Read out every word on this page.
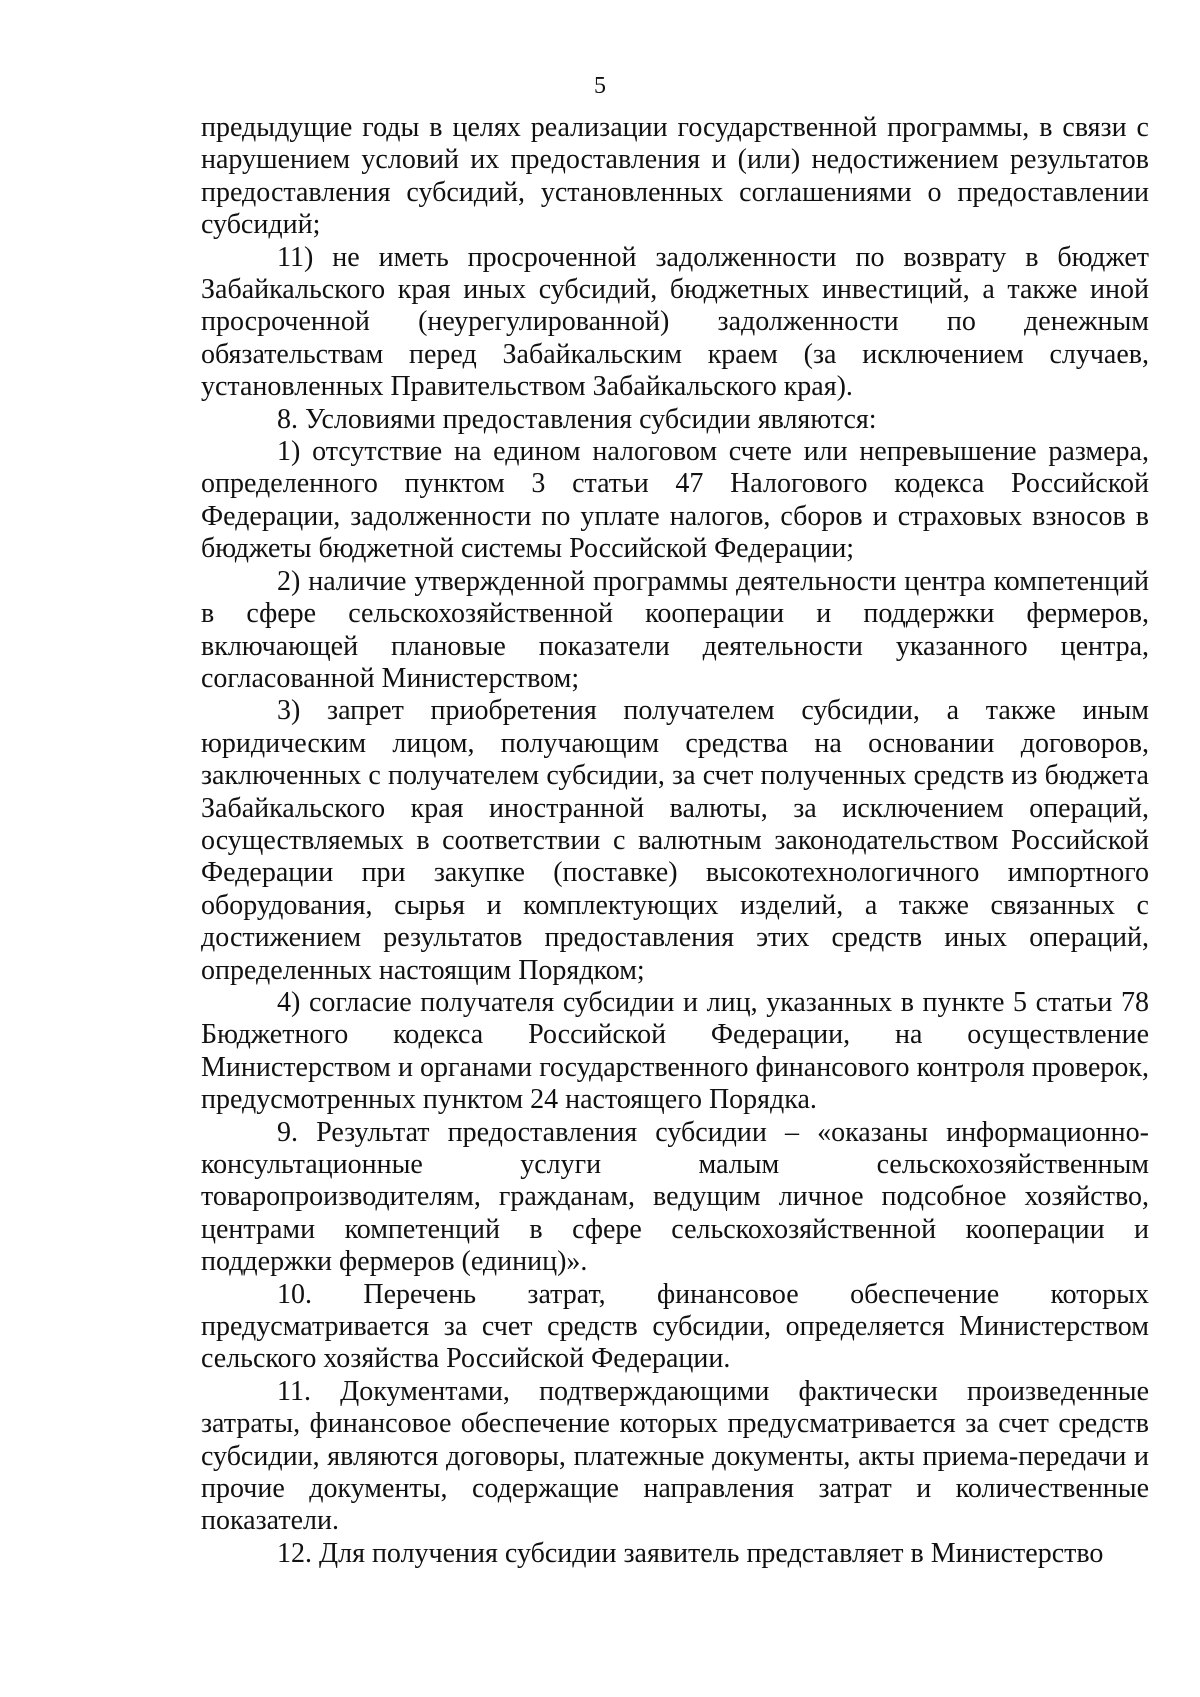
5

предыдущие годы в целях реализации государственной программы, в связи с нарушением условий их предоставления и (или) недостижением результатов предоставления субсидий, установленных соглашениями о предоставлении субсидий;

11) не иметь просроченной задолженности по возврату в бюджет Забайкальского края иных субсидий, бюджетных инвестиций, а также иной просроченной (неурегулированной) задолженности по денежным обязательствам перед Забайкальским краем (за исключением случаев, установленных Правительством Забайкальского края).

8. Условиями предоставления субсидии являются:

1) отсутствие на едином налоговом счете или непревышение размера, определенного пунктом 3 статьи 47 Налогового кодекса Российской Федерации, задолженности по уплате налогов, сборов и страховых взносов в бюджеты бюджетной системы Российской Федерации;

2) наличие утвержденной программы деятельности центра компетенций в сфере сельскохозяйственной кооперации и поддержки фермеров, включающей плановые показатели деятельности указанного центра, согласованной Министерством;

3) запрет приобретения получателем субсидии, а также иным юридическим лицом, получающим средства на основании договоров, заключенных с получателем субсидии, за счет полученных средств из бюджета Забайкальского края иностранной валюты, за исключением операций, осуществляемых в соответствии с валютным законодательством Российской Федерации при закупке (поставке) высокотехнологичного импортного оборудования, сырья и комплектующих изделий, а также связанных с достижением результатов предоставления этих средств иных операций, определенных настоящим Порядком;

4) согласие получателя субсидии и лиц, указанных в пункте 5 статьи 78 Бюджетного кодекса Российской Федерации, на осуществление Министерством и органами государственного финансового контроля проверок, предусмотренных пунктом 24 настоящего Порядка.

9. Результат предоставления субсидии – «оказаны информационно-консультационные услуги малым сельскохозяйственным товаропроизводителям, гражданам, ведущим личное подсобное хозяйство, центрами компетенций в сфере сельскохозяйственной кооперации и поддержки фермеров (единиц)».

10. Перечень затрат, финансовое обеспечение которых предусматривается за счет средств субсидии, определяется Министерством сельского хозяйства Российской Федерации.

11. Документами, подтверждающими фактически произведенные затраты, финансовое обеспечение которых предусматривается за счет средств субсидии, являются договоры, платежные документы, акты приема-передачи и прочие документы, содержащие направления затрат и количественные показатели.

12. Для получения субсидии заявитель представляет в Министерство
